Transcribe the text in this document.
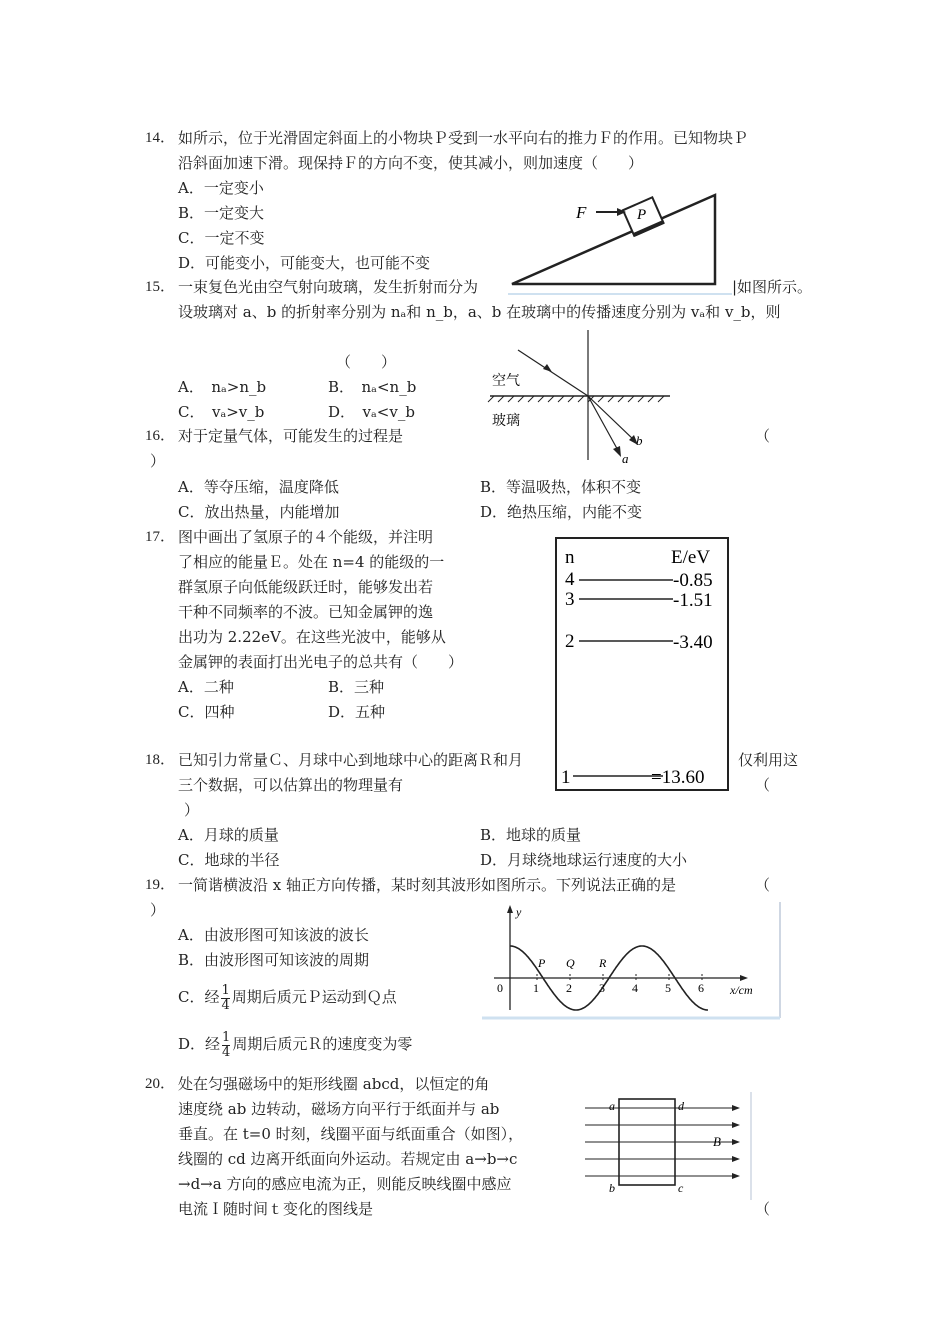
14． 如所示，位于光滑固定斜面上的小物块Ｐ受到一水平向右的推力Ｆ的作用。已知物块Ｐ
沿斜面加速下滑。现保持Ｆ的方向不变，使其减小，则加速度（　　）
A．一定变小
B．一定变大
C．一定不变
D．可能变小，可能变大，也可能不变
P
F
15． 一束复色光由空气射向玻璃，发生折射而分为	|如图所示。
设玻璃对 a、b 的折射率分别为 nₐ和 n_b，a、b 在玻璃中的传播速度分别为 vₐ和 v_b，则
（　　）
A．　nₐ>n_b	B．　nₐ<n_b
C．　vₐ>v_b	D．　vₐ<v_b
空气
玻璃
a
b
16． 对于定量气体，可能发生的过程是	（
）
A．等夺压缩，温度降低	B．等温吸热，体积不变
C．放出热量，内能增加	D．绝热压缩，内能不变
17． 图中画出了氢原子的４个能级，并注明
了相应的能量Ｅ。处在 n=4 的能级的一
群氢原子向低能级跃迁时，能够发出若
干种不同频率的不波。已知金属钾的逸
出功为 2.22eV。在这些光波中，能够从
金属钾的表面打出光电子的总共有（　　）
A．二种	B．三种
C．四种	D．五种
n	E/eV
4	-0.85
3	-1.51
2	-3.40
1	=13.60
18． 已知引力常量Ｃ、月球中心到地球中心的距离Ｒ和月	仅利用这
三个数据，可以估算出的物理量有	（
）
A．月球的质量	B．地球的质量
C．地球的半径	D．月球绕地球运行速度的大小
19． 一简谐横波沿 x 轴正方向传播，某时刻其波形如图所示。下列说法正确的是	（
）
A．由波形图可知该波的波长
B．由波形图可知该波的周期
C．经 $\frac{1}{4}$ 周期后质元Ｐ运动到Ｑ点
D．经 $\frac{1}{4}$ 周期后质元Ｒ的速度变为零
y
x/cm
0	1 2 3 4 5 6
P Q R
20． 处在匀强磁场中的矩形线圈 abcd，以恒定的角
速度绕 ab 边转动，磁场方向平行于纸面并与 ab
垂直。在 t=0 时刻，线圈平面与纸面重合（如图），
线圈的 cd 边离开纸面向外运动。若规定由 a→b→c
→d→a 方向的感应电流为正，则能反映线圈中感应
电流Ｉ随时间ｔ变化的图线是	（
a	d
b	c
B
